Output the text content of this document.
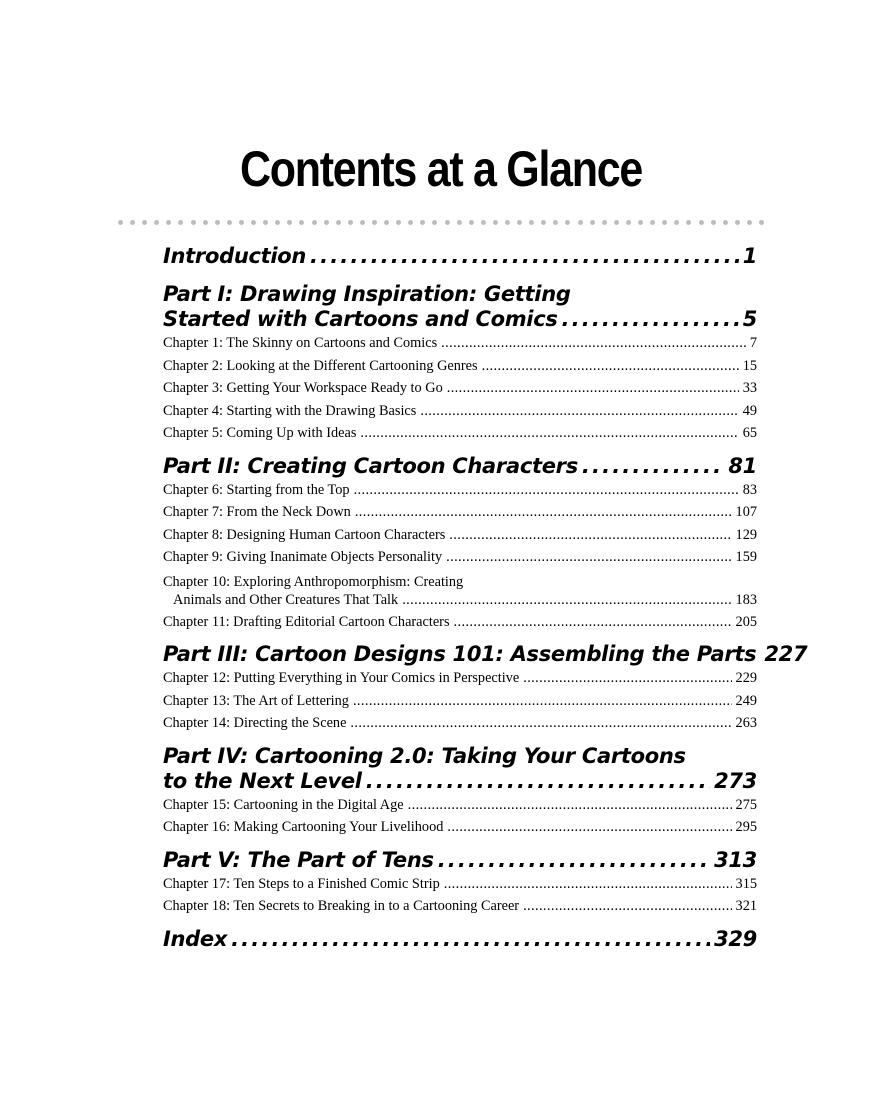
Contents at a Glance
Introduction . . .	1
Part I: Drawing Inspiration: Getting
Started with Cartoons and Comics . . .	5
Chapter 1: The Skinny on Cartoons and Comics .....	7
Chapter 2: Looking at the Different Cartooning Genres .....	15
Chapter 3: Getting Your Workspace Ready to Go .....	33
Chapter 4: Starting with the Drawing Basics .....	49
Chapter 5: Coming Up with Ideas .....	65
Part II: Creating Cartoon Characters . . .	81
Chapter 6: Starting from the Top .....	83
Chapter 7: From the Neck Down .....	107
Chapter 8: Designing Human Cartoon Characters .....	129
Chapter 9: Giving Inanimate Objects Personality .....	159
Chapter 10: Exploring Anthropomorphism: Creating
Animals and Other Creatures That Talk .....	183
Chapter 11: Drafting Editorial Cartoon Characters .....	205
Part III: Cartoon Designs 101: Assembling the Parts 227
Chapter 12: Putting Everything in Your Comics in Perspective .....	229
Chapter 13: The Art of Lettering .....	249
Chapter 14: Directing the Scene .....	263
Part IV: Cartooning 2.0: Taking Your Cartoons
to the Next Level . . .	273
Chapter 15: Cartooning in the Digital Age .....	275
Chapter 16: Making Cartooning Your Livelihood .....	295
Part V: The Part of Tens . . .	313
Chapter 17: Ten Steps to a Finished Comic Strip .....	315
Chapter 18: Ten Secrets to Breaking in to a Cartooning Career .....	321
Index . . .	329
